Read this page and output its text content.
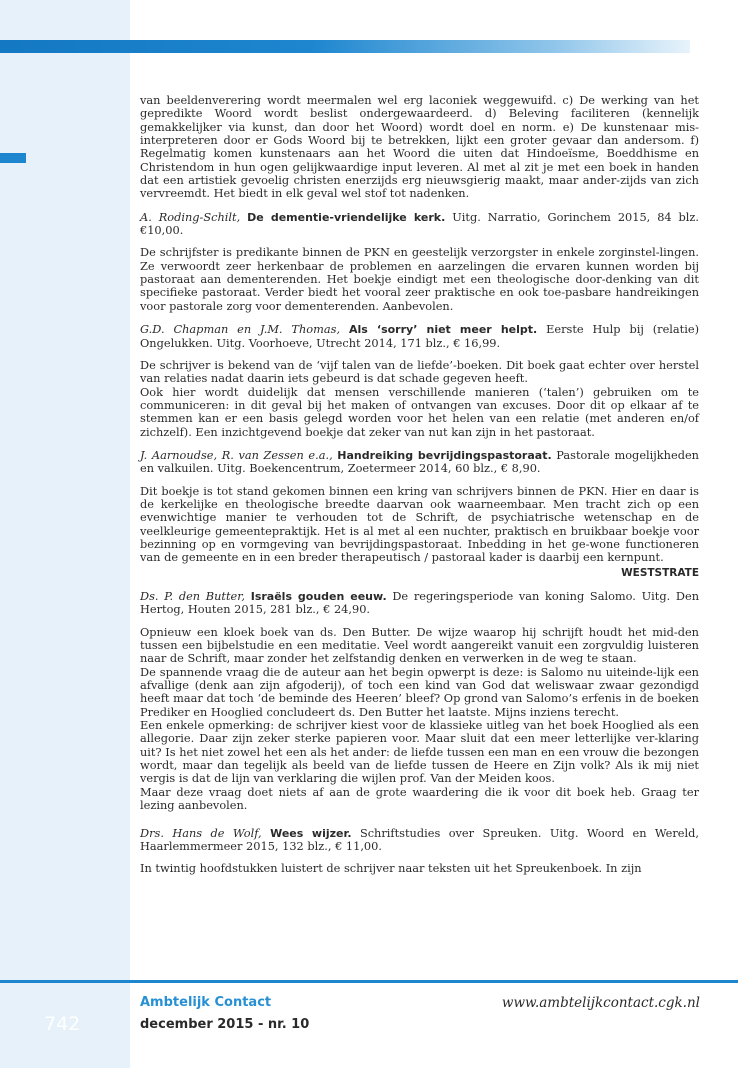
van beeldenverering wordt meermalen wel erg laconiek weggewuifd. c) De werking van het gepredikte Woord wordt beslist ondergewaardeerd. d) Beleving faciliteren (kennelijk gemakkelijker via kunst, dan door het Woord) wordt doel en norm. e) De kunstenaar mis-interpreteren door er Gods Woord bij te betrekken, lijkt een groter gevaar dan andersom. f) Regelmatig komen kunstenaars aan het Woord die uiten dat Hindoeïsme, Boeddhisme en Christendom in hun ogen gelijkwaardige input leveren. Al met al zit je met een boek in handen dat een artistiek gevoelig christen enerzijds erg nieuwsgierig maakt, maar ander-zijds van zich vervreemdt. Het biedt in elk geval wel stof tot nadenken.

A. Roding-Schilt, De dementie-vriendelijke kerk. Uitg. Narratio, Gorinchem 2015, 84 blz. €10,00.

De schrijfster is predikante binnen de PKN en geestelijk verzorgster in enkele zorginstel-lingen. Ze verwoordt zeer herkenbaar de problemen en aarzelingen die ervaren kunnen worden bij pastoraat aan dementerenden. Het boekje eindigt met een theologische door-denking van dit specifieke pastoraat. Verder biedt het vooral zeer praktische en ook toe-pasbare handreikingen voor pastorale zorg voor dementerenden. Aanbevolen.

G.D. Chapman en J.M. Thomas, Als ‘sorry’ niet meer helpt. Eerste Hulp bij (relatie) Ongelukken. Uitg. Voorhoeve, Utrecht 2014, 171 blz., € 16,99.

De schrijver is bekend van de ‘vijf talen van de liefde’-boeken. Dit boek gaat echter over herstel van relaties nadat daarin iets gebeurd is dat schade gegeven heeft.

Ook hier wordt duidelijk dat mensen verschillende manieren (‘talen’) gebruiken om te communiceren: in dit geval bij het maken of ontvangen van excuses. Door dit op elkaar af te stemmen kan er een basis gelegd worden voor het helen van een relatie (met anderen en/of zichzelf). Een inzichtgevend boekje dat zeker van nut kan zijn in het pastoraat.

J. Aarnoudse, R. van Zessen e.a., Handreiking bevrijdingspastoraat. Pastorale mogelijkheden en valkuilen. Uitg. Boekencentrum, Zoetermeer 2014, 60 blz., € 8,90.

Dit boekje is tot stand gekomen binnen een kring van schrijvers binnen de PKN. Hier en daar is de kerkelijke en theologische breedte daarvan ook waarneembaar. Men tracht zich op een evenwichtige manier te verhouden tot de Schrift, de psychiatrische wetenschap en de veelkleurige gemeentepraktijk. Het is al met al een nuchter, praktisch en bruikbaar boekje voor bezinning op en vormgeving van bevrijdingspastoraat. Inbedding in het ge-wone functioneren van de gemeente en in een breder therapeutisch / pastoraal kader is daarbij een kernpunt.

WESTSTRATE

Ds. P. den Butter, Israëls gouden eeuw. De regeringsperiode van koning Salomo. Uitg. Den Hertog, Houten 2015, 281 blz., € 24,90.

Opnieuw een kloek boek van ds. Den Butter. De wijze waarop hij schrijft houdt het mid-den tussen een bijbelstudie en een meditatie. Veel wordt aangereikt vanuit een zorgvuldig luisteren naar de Schrift, maar zonder het zelfstandig denken en verwerken in de weg te staan.

De spannende vraag die de auteur aan het begin opwerpt is deze: is Salomo nu uiteinde-lijk een afvallige (denk aan zijn afgoderij), of toch een kind van God dat weliswaar zwaar gezondigd heeft maar dat toch ‘de beminde des Heeren’ bleef? Op grond van Salomo’s erfenis in de boeken Prediker en Hooglied concludeert ds. Den Butter het laatste. Mijns inziens terecht.

Een enkele opmerking: de schrijver kiest voor de klassieke uitleg van het boek Hooglied als een allegorie. Daar zijn zeker sterke papieren voor. Maar sluit dat een meer letterlijke ver-klaring uit? Is het niet zowel het een als het ander: de liefde tussen een man en een vrouw die bezongen wordt, maar dan tegelijk als beeld van de liefde tussen de Heere en Zijn volk? Als ik mij niet vergis is dat de lijn van verklaring die wijlen prof. Van der Meiden koos.

Maar deze vraag doet niets af aan de grote waardering die ik voor dit boek heb. Graag ter lezing aanbevolen.

Drs. Hans de Wolf, Wees wijzer. Schriftstudies over Spreuken. Uitg. Woord en Wereld, Haarlemmermeer 2015, 132 blz., € 11,00.

In twintig hoofdstukken luistert de schrijver naar teksten uit het Spreukenboek. In zijn

Ambtelijk Contact
december 2015 - nr. 10
www.ambtelijkcontact.cgk.nl
742
